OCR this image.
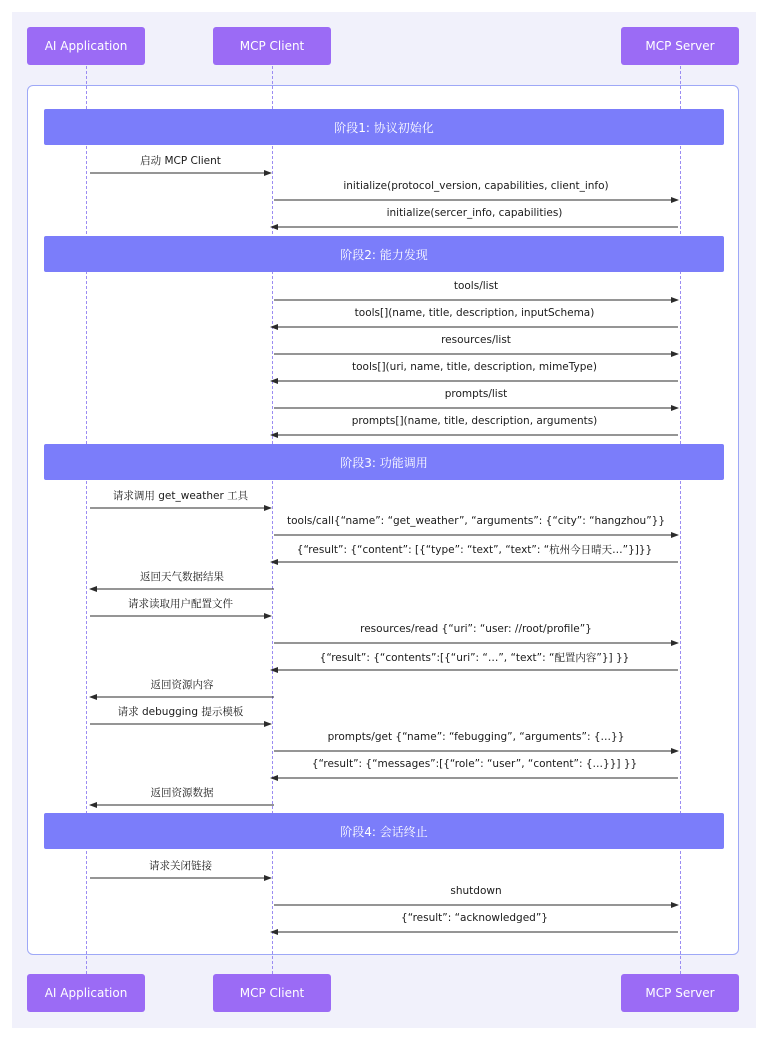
AI Application	MCP Client	MCP Server
AI Application	MCP Client	MCP Server
阶段1: 协议初始化
阶段2: 能力发现
阶段3: 功能调用
阶段4: 会话终止
启动 MCP Client
initialize(protocol_version, capabilities, client_info)
initialize(sercer_info, capabilities)
tools/list
tools[](name, title, description, inputSchema)
resources/list
tools[](uri, name, title, description, mimeType)
prompts/list
prompts[](name, title, description, arguments)
请求调用 get_weather 工具
tools/call{“name”: “get_weather”, “arguments”: {“city”: “hangzhou”}}
{“result”: {“content”: [{“type”: “text”, “text”: “杭州今日晴天…”}]}}
返回天气数据结果
请求读取用户配置文件
resources/read {“uri”: “user: //root/profile”}
{“result”: {“contents”:[{“uri”: “…”, “text”: “配置内容”}] }}
返回资源内容
请求 debugging 提示模板
prompts/get {“name”: “febugging”, “arguments”: {…}}
{“result”: {“messages”:[{“role”: “user”, “content”: {…}}] }}
返回资源数据
请求关闭链接
shutdown
{“result”: “acknowledged”}
